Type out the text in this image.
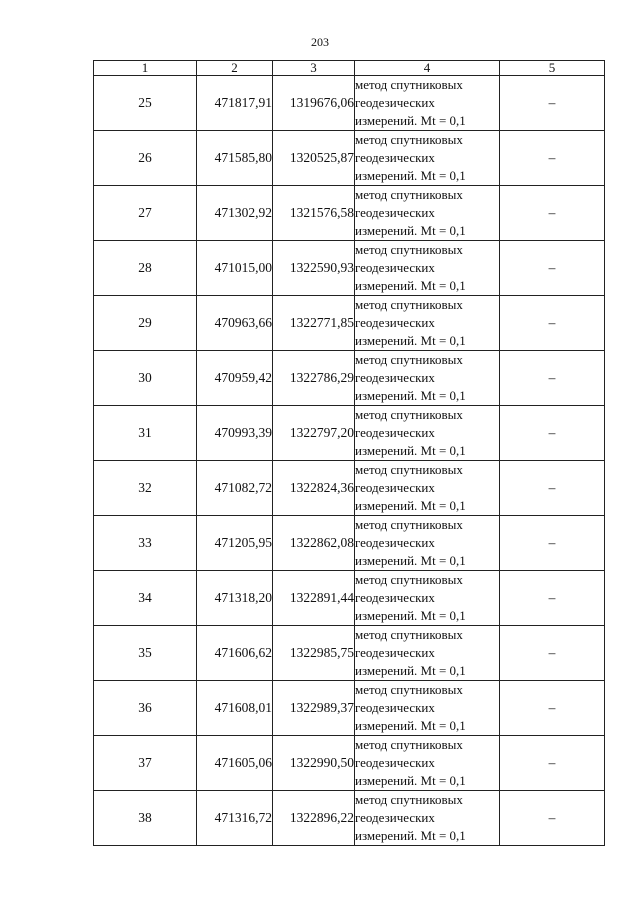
203
1	2	3	4	5
25	471817,91	1319676,06	метод спутниковых
геодезических
измерений. Mt = 0,1	–
26	471585,80	1320525,87	метод спутниковых
геодезических
измерений. Mt = 0,1	–
27	471302,92	1321576,58	метод спутниковых
геодезических
измерений. Mt = 0,1	–
28	471015,00	1322590,93	метод спутниковых
геодезических
измерений. Mt = 0,1	–
29	470963,66	1322771,85	метод спутниковых
геодезических
измерений. Mt = 0,1	–
30	470959,42	1322786,29	метод спутниковых
геодезических
измерений. Mt = 0,1	–
31	470993,39	1322797,20	метод спутниковых
геодезических
измерений. Mt = 0,1	–
32	471082,72	1322824,36	метод спутниковых
геодезических
измерений. Mt = 0,1	–
33	471205,95	1322862,08	метод спутниковых
геодезических
измерений. Mt = 0,1	–
34	471318,20	1322891,44	метод спутниковых
геодезических
измерений. Mt = 0,1	–
35	471606,62	1322985,75	метод спутниковых
геодезических
измерений. Mt = 0,1	–
36	471608,01	1322989,37	метод спутниковых
геодезических
измерений. Mt = 0,1	–
37	471605,06	1322990,50	метод спутниковых
геодезических
измерений. Mt = 0,1	–
38	471316,72	1322896,22	метод спутниковых
геодезических
измерений. Mt = 0,1	–
